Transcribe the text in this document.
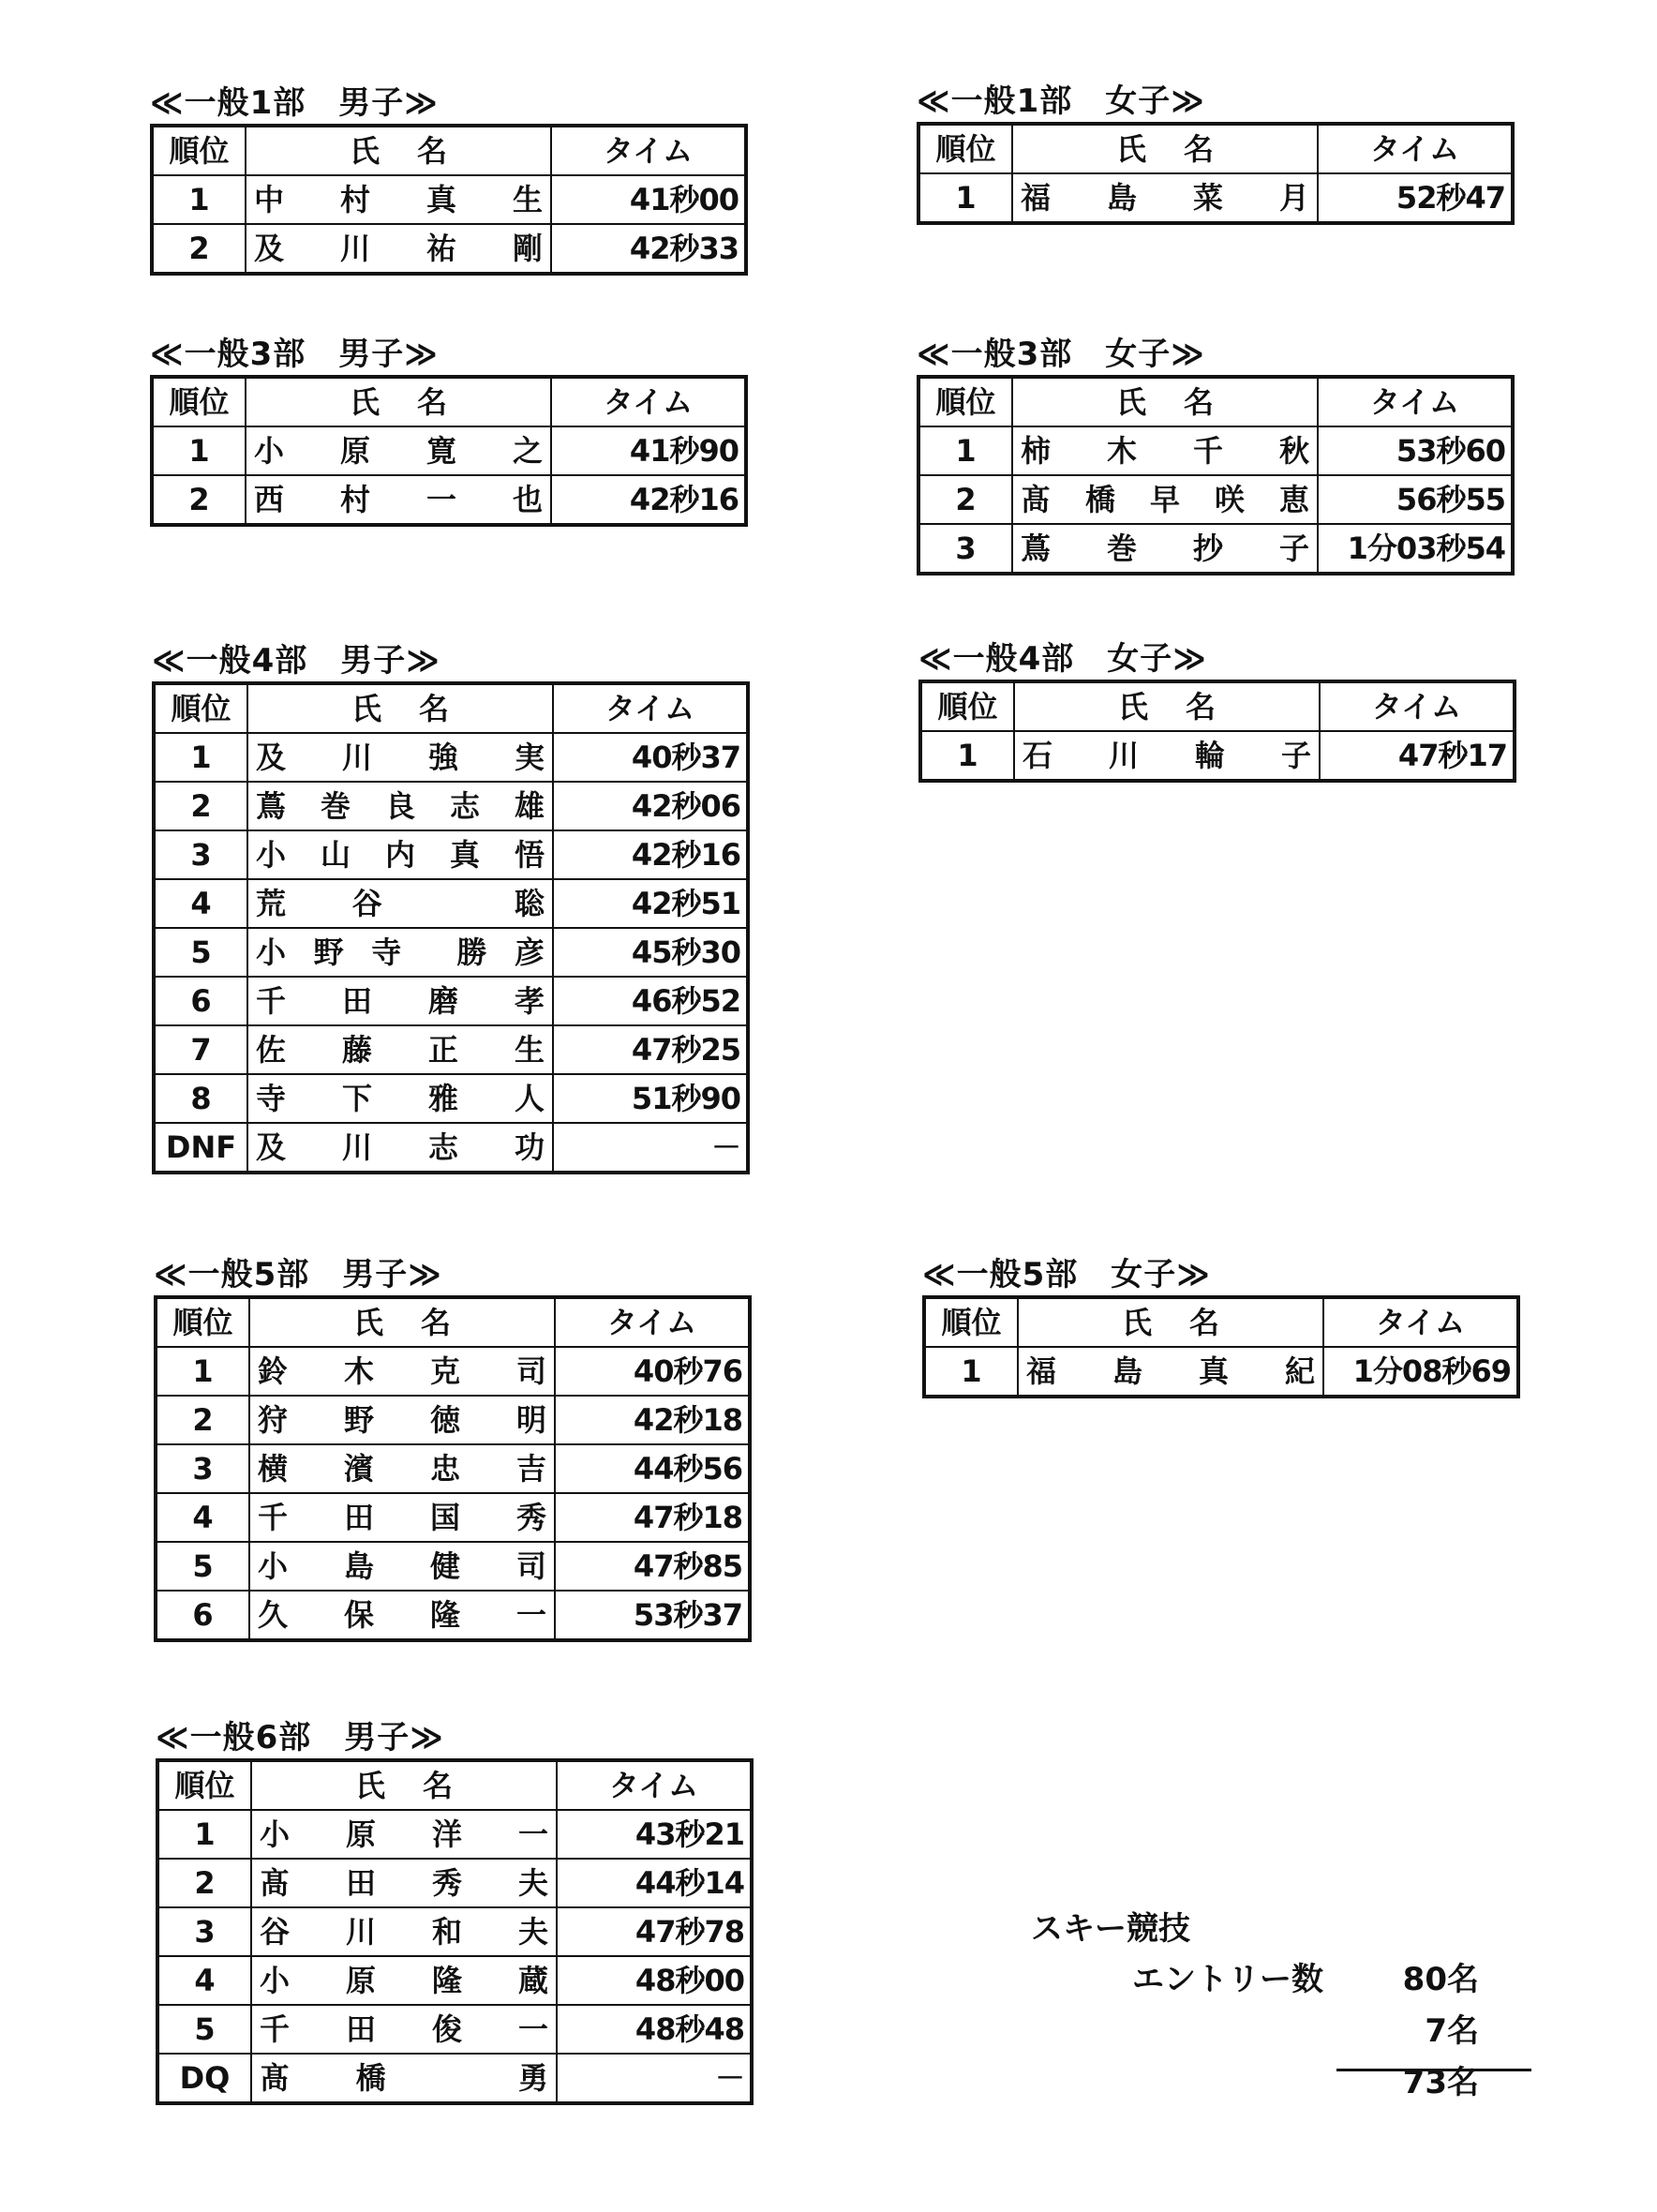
≪一般1部　男子≫
順位	氏名	タイム
1	中 村 真 生	41秒00
2	及 川 祐 剛	42秒33
≪一般1部　女子≫
順位	氏名	タイム
1	福 島 菜 月	52秒47
≪一般3部　男子≫
順位	氏名	タイム
1	小 原 寛 之	41秒90
2	西 村 一 也	42秒16
≪一般3部　女子≫
順位	氏名	タイム
1	柿 木 千 秋	53秒60
2	髙 橋 早 咲 恵	56秒55
3	蔦 巻 抄 子	1分03秒54
≪一般4部　男子≫
順位	氏名	タイム
1	及 川 強 実	40秒37
2	蔦 巻 良 志 雄	42秒06
3	小 山 内 真 悟	42秒16
4	荒 谷 聡	42秒51
5	小 野 寺 勝 彦	45秒30
6	千 田 磨 孝	46秒52
7	佐 藤 正 生	47秒25
8	寺 下 雅 人	51秒90
DNF	及 川 志 功	－
≪一般4部　女子≫
順位	氏名	タイム
1	石 川 輪 子	47秒17
≪一般5部　男子≫
順位	氏名	タイム
1	鈴 木 克 司	40秒76
2	狩 野 徳 明	42秒18
3	横 濱 忠 吉	44秒56
4	千 田 国 秀	47秒18
5	小 島 健 司	47秒85
6	久 保 隆 一	53秒37
≪一般5部　女子≫
順位	氏名	タイム
1	福 島 真 紀	1分08秒69
≪一般6部　男子≫
順位	氏名	タイム
1	小 原 洋 一	43秒21
2	髙 田 秀 夫	44秒14
3	谷 川 和 夫	47秒78
4	小 原 隆 蔵	48秒00
5	千 田 俊 一	48秒48
DQ	髙 橋 勇	－
スキー競技
エントリー数	80名
7名
73名
